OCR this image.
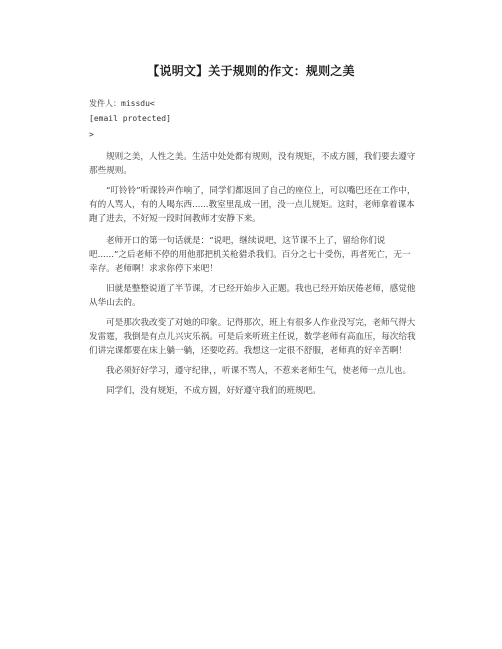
【说明文】关于规则的作文：规则之美
发件人：missdu<
[email protected]
>

规则之美，人性之美。生活中处处都有规则，没有规矩，不成方圆，我们要去遵守那些规则。

“叮铃铃”听课铃声作响了，同学们都返回了自己的座位上，可以嘴巴还在工作中，有的人骂人，有的人喝东西......教室里乱成一团，没一点儿规矩。这时，老师拿着课本跑了进去，不好短一段时间教师才安静下来。

老师开口的第一句话就是：“说吧，继续说吧，这节课不上了，留给你们说吧......”之后老师不停的用他那把机关枪猎杀我们。百分之七十受伤，再者死亡，无一幸存。老师啊！求求你停下来吧！

旧就是整整说道了半节课，才已经开始步入正题。我也已经开始厌倦老师，感觉他从华山去的。

可是那次我改变了对她的印象。记得那次，班上有很多人作业没写完，老师气得大发雷霆，我倒是有点儿兴灾乐祸。可是后来听班主任说，数学老师有高血压，每次给我们讲完课都要在床上躺一躺，还要吃药。我想这一定很不舒服，老师真的好辛苦啊！

我必须好好学习，遵守纪律，，听课不骂人，不惹来老师生气，使老师一点儿也。

同学们，没有规矩，不成方圆，好好遵守我们的班规吧。
